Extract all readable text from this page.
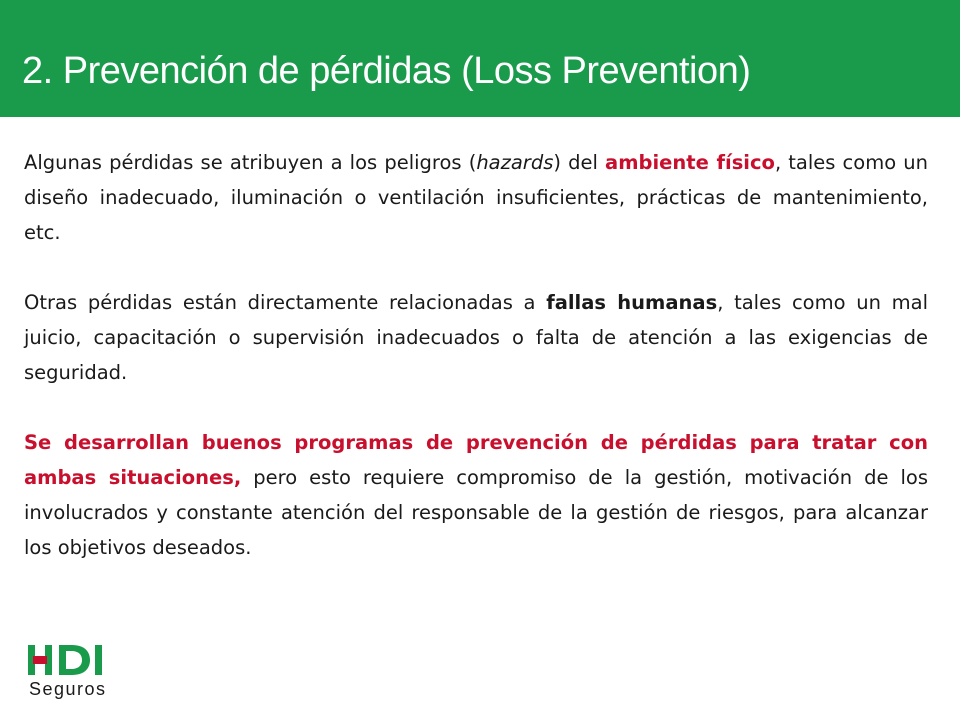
2. Prevención de pérdidas (Loss Prevention)

Algunas pérdidas se atribuyen a los peligros (hazards) del ambiente físico, tales como un diseño inadecuado, iluminación o ventilación insuficientes, prácticas de mantenimiento, etc.

Otras pérdidas están directamente relacionadas a fallas humanas, tales como un mal juicio, capacitación o supervisión inadecuados o falta de atención a las exigencias de seguridad.

Se desarrollan buenos programas de prevención de pérdidas para tratar con ambas situaciones, pero esto requiere compromiso de la gestión, motivación de los involucrados y constante atención del responsable de la gestión de riesgos, para alcanzar los objetivos deseados.

Seguros
